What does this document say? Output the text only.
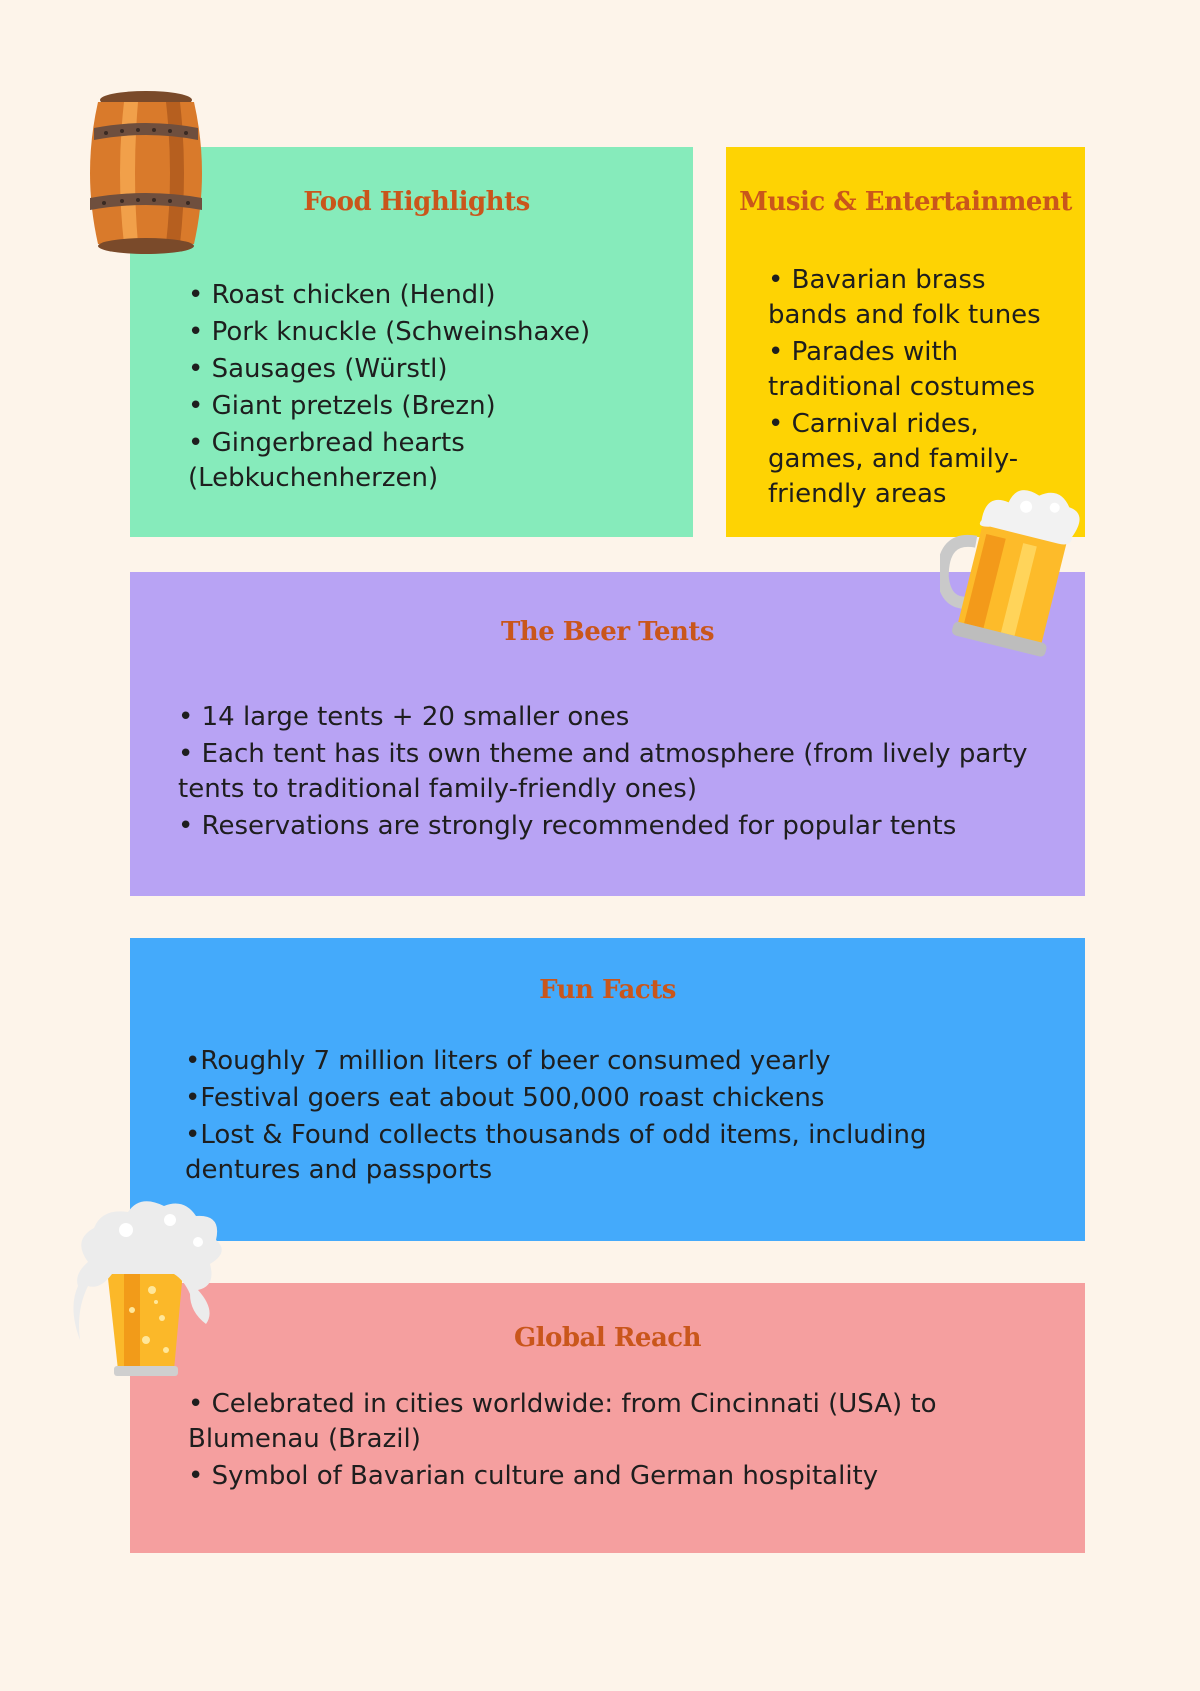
Food Highlights
• Roast chicken (Hendl)
• Pork knuckle (Schweinshaxe)
• Sausages (Würstl)
• Giant pretzels (Brezn)
• Gingerbread hearts (Lebkuchenherzen)
Music & Entertainment
• Bavarian brass bands and folk tunes
• Parades with traditional costumes
• Carnival rides, games, and family-friendly areas
The Beer Tents
• 14 large tents + 20 smaller ones
• Each tent has its own theme and atmosphere (from lively party tents to traditional family-friendly ones)
• Reservations are strongly recommended for popular tents
Fun Facts
•Roughly 7 million liters of beer consumed yearly
•Festival goers eat about 500,000 roast chickens
•Lost & Found collects thousands of odd items, including dentures and passports
Global Reach
• Celebrated in cities worldwide: from Cincinnati (USA) to Blumenau (Brazil)
• Symbol of Bavarian culture and German hospitality
